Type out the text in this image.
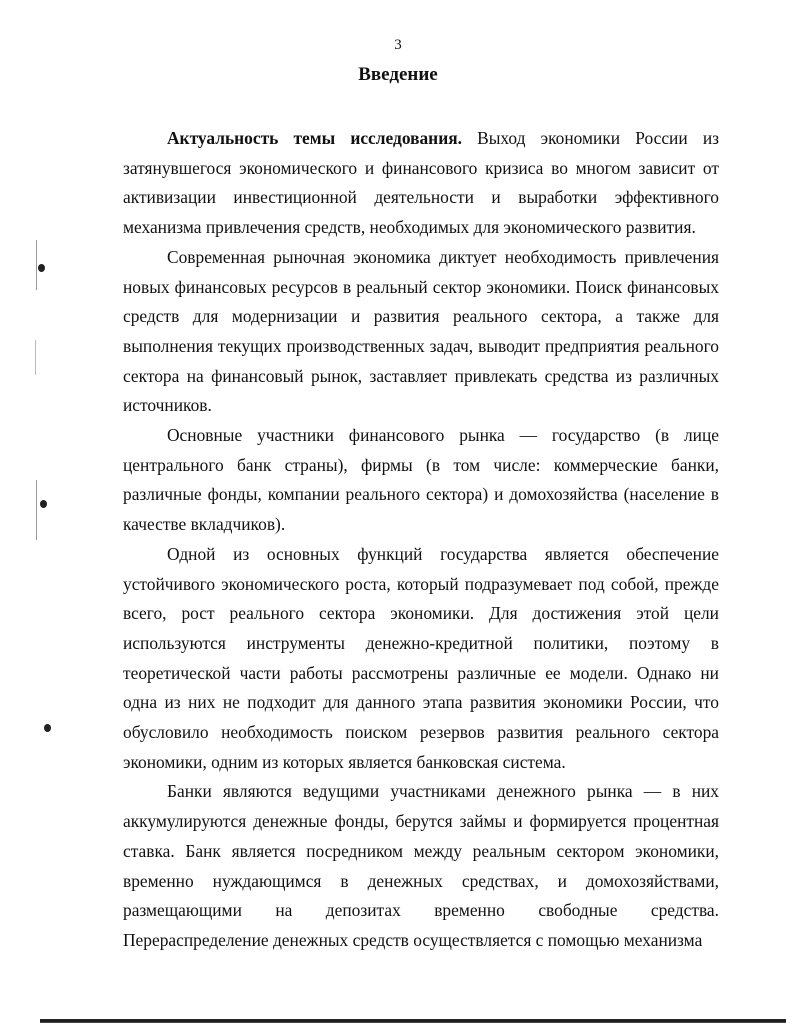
3
Введение

Актуальность темы исследования. Выход экономики России из затянувшегося экономического и финансового кризиса во многом зависит от активизации инвестиционной деятельности и выработки эффективного механизма привлечения средств, необходимых для экономического развития.

Современная рыночная экономика диктует необходимость привлечения новых финансовых ресурсов в реальный сектор экономики. Поиск финансовых средств для модернизации и развития реального сектора, а также для выполнения текущих производственных задач, выводит предприятия реального сектора на финансовый рынок, заставляет привлекать средства из различных источников.

Основные участники финансового рынка — государство (в лице центрального банк страны), фирмы (в том числе: коммерческие банки, различные фонды, компании реального сектора) и домохозяйства (население в качестве вкладчиков).

Одной из основных функций государства является обеспечение устойчивого экономического роста, который подразумевает под собой, прежде всего, рост реального сектора экономики. Для достижения этой цели используются инструменты денежно-кредитной политики, поэтому в теоретической части работы рассмотрены различные ее модели. Однако ни одна из них не подходит для данного этапа развития экономики России, что обусловило необходимость поиском резервов развития реального сектора экономики, одним из которых является банковская система.

Банки являются ведущими участниками денежного рынка — в них аккумулируются денежные фонды, берутся займы и формируется процентная ставка. Банк является посредником между реальным сектором экономики, временно нуждающимся в денежных средствах, и домохозяйствами, размещающими на депозитах временно свободные средства. Перераспределение денежных средств осуществляется с помощью механизма
